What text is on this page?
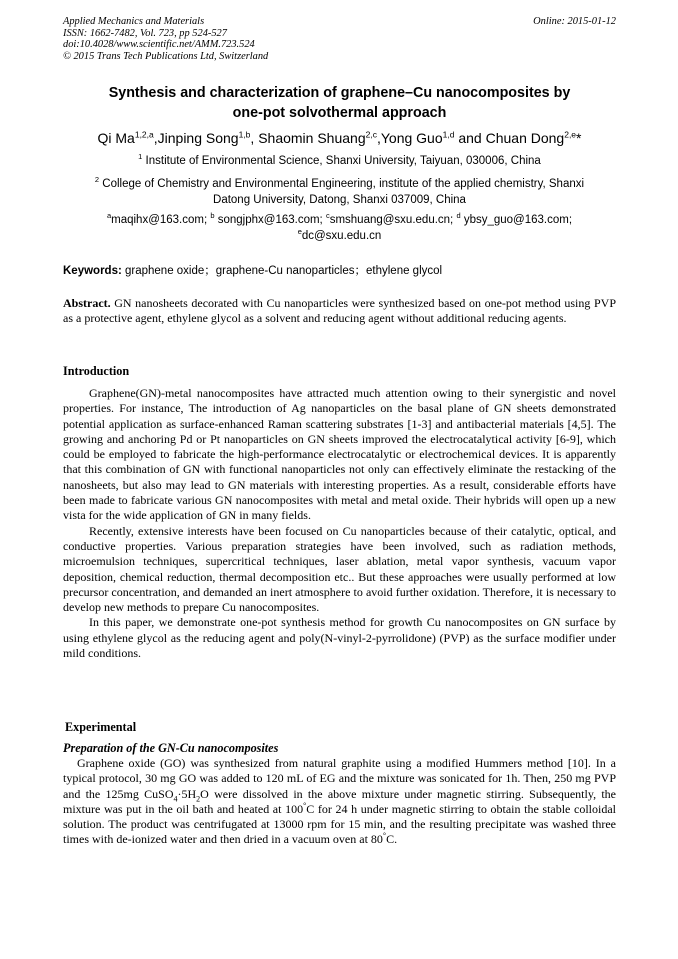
Applied Mechanics and Materials	Online: 2015-01-12
ISSN: 1662-7482, Vol. 723, pp 524-527
doi:10.4028/www.scientific.net/AMM.723.524
© 2015 Trans Tech Publications Ltd, Switzerland
Synthesis and characterization of graphene–Cu nanocomposites by
one-pot solvothermal approach
Qi Ma$^{1,2,a}$,Jinping Song$^{1,b}$, Shaomin Shuang$^{2,c}$,Yong Guo$^{1,d}$ and Chuan Dong$^{2,e}$*
$^1$ Institute of Environmental Science, Shanxi University, Taiyuan, 030006, China
$^2$ College of Chemistry and Environmental Engineering, institute of the applied chemistry, Shanxi
Datong University, Datong, Shanxi 037009, China
$^a$maqihx@163.com; $^b$ songjphx@163.com; $^c$smshuang@sxu.edu.cn; $^d$ ybsy_guo@163.com;
$^e$dc@sxu.edu.cn
Keywords: graphene oxide；graphene-Cu nanoparticles；ethylene glycol
Abstract. GN nanosheets decorated with Cu nanoparticles were synthesized based on one-pot method using PVP as a protective agent, ethylene glycol as a solvent and reducing agent without additional reducing agents.
Introduction

Graphene(GN)-metal nanocomposites have attracted much attention owing to their synergistic and novel properties. For instance, The introduction of Ag nanoparticles on the basal plane of GN sheets demonstrated potential application as surface-enhanced Raman scattering substrates [1-3] and antibacterial materials [4,5]. The growing and anchoring Pd or Pt nanoparticles on GN sheets improved the electrocatalytical activity [6-9], which could be employed to fabricate the high-performance electrocatalytic or electrochemical devices. It is apparently that this combination of GN with functional nanoparticles not only can effectively eliminate the restacking of the nanosheets, but also may lead to GN materials with interesting properties. As a result, considerable efforts have been made to fabricate various GN nanocomposites with metal and metal oxide. Their hybrids will open up a new vista for the wide application of GN in many fields.

Recently, extensive interests have been focused on Cu nanoparticles because of their catalytic, optical, and conductive properties. Various preparation strategies have been involved, such as radiation methods, microemulsion techniques, supercritical techniques, laser ablation, metal vapor synthesis, vacuum vapor deposition, chemical reduction, thermal decomposition etc.. But these approaches were usually performed at low precursor concentration, and demanded an inert atmosphere to avoid further oxidation. Therefore, it is necessary to develop new methods to prepare Cu nanocomposites.

In this paper, we demonstrate one-pot synthesis method for growth Cu nanocomposites on GN surface by using ethylene glycol as the reducing agent and poly(N-vinyl-2-pyrrolidone) (PVP) as the surface modifier under mild conditions.

Experimental
Preparation of the GN-Cu nanocomposites

Graphene oxide (GO) was synthesized from natural graphite using a modified Hummers method [10]. In a typical protocol, 30 mg GO was added to 120 mL of EG and the mixture was sonicated for 1h. Then, 250 mg PVP and the 125mg $CuSO_4\cdot 5H_2O$ were dissolved in the above mixture under magnetic stirring. Subsequently, the mixture was put in the oil bath and heated at 100°C for 24 h under magnetic stirring to obtain the stable colloidal solution. The product was centrifugated at 13000 rpm for 15 min, and the resulting precipitate was washed three times with de-ionized water and then dried in a vacuum oven at 80°C.
